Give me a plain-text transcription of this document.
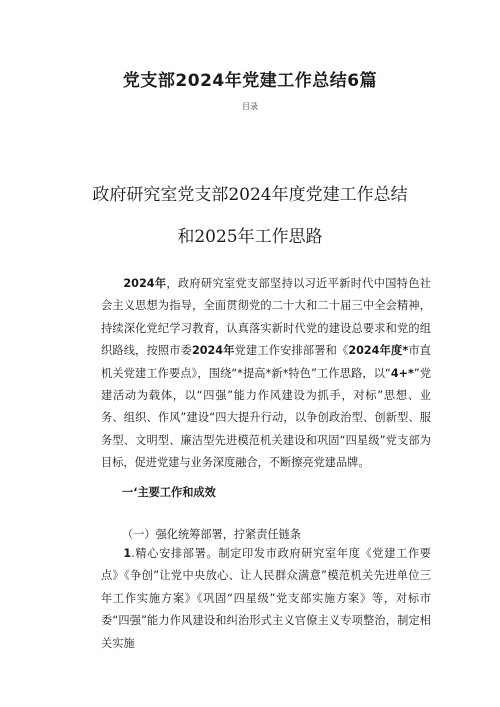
党支部2024年党建工作总结6篇
目录
政府研究室党支部2024年度党建工作总结
和2025年工作思路

2024年，政府研究室党支部坚持以习近平新时代中国特色社会主义思想为指导，全面贯彻党的二十大和二十届三中全会精神，持续深化党纪学习教育，认真落实新时代党的建设总要求和党的组织路线，按照市委2024年党建工作安排部署和《2024年度*市直机关党建工作要点》，围绕“*提高*新*特色”工作思路，以“4+*”党建活动为载体，以“四强”能力作风建设为抓手，对标”思想、业务、组织、作风”建设“四大提升行动，以争创政治型、创新型、服务型、文明型、廉洁型先进模范机关建设和巩固“四星级”党支部为目标，促进党建与业务深度融合，不断擦亮党建品牌。

一‘主要工作和成效
（一）强化统筹部署，拧紧责任链条

1.精心安排部署。制定印发市政府研究室年度《党建工作要点》《争创”让党中央放心、让人民群众满意”模范机关先进单位三年工作实施方案》《巩固“四星级”党支部实施方案》等，对标市委“四强”能力作风建设和纠治形式主义官僚主义专项整治，制定相关实施
